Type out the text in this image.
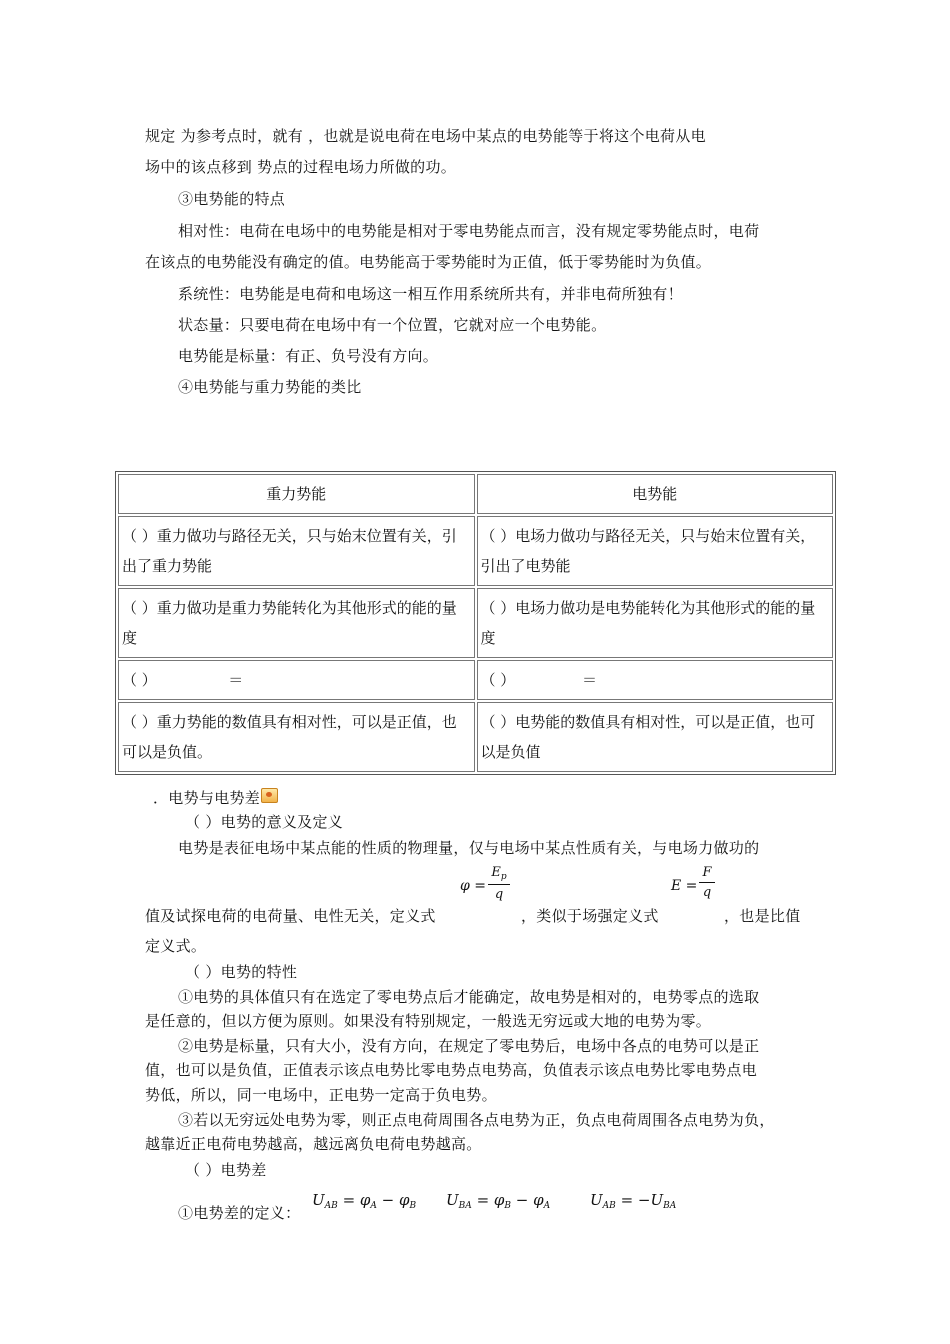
规定 为参考点时，就有 ，也就是说电荷在电场中某点的电势能等于将这个电荷从电
场中的该点移到 势点的过程电场力所做的功。
③电势能的特点
相对性：电荷在电场中的电势能是相对于零电势能点而言，没有规定零势能点时，电荷
在该点的电势能没有确定的值。电势能高于零势能时为正值，低于零势能时为负值。
系统性：电势能是电荷和电场这一相互作用系统所共有，并非电荷所独有！
状态量：只要电荷在电场中有一个位置，它就对应一个电势能。
电势能是标量：有正、负号没有方向。
④电势能与重力势能的类比
重力势能	电势能
（ ）重力做功与路径无关，只与始末位置有关，引出了重力势能	（ ）电场力做功与路径无关，只与始末位置有关，引出了电势能
（ ）重力做功是重力势能转化为其他形式的能的量度	（ ）电场力做功是电势能转化为其他形式的能的量度
（ ）               ＝	（ ）              ＝
（ ）重力势能的数值具有相对性，可以是正值，也可以是负值。	（ ）电势能的数值具有相对性，可以是正值，也可以是负值
．电势与电势差
（ ）电势的意义及定义
电势是表征电场中某点能的性质的物理量，仅与电场中某点性质有关，与电场力做功的
φ =
$E_p$
q
E =
F
q
值及试探电荷的电荷量、电性无关，定义式	，类似于场强定义式	，也是比值
定义式。
（ ）电势的特性
①电势的具体值只有在选定了零电势点后才能确定，故电势是相对的，电势零点的选取
是任意的，但以方便为原则。如果没有特别规定，一般选无穷远或大地的电势为零。
②电势是标量，只有大小，没有方向，在规定了零电势后，电场中各点的电势可以是正
值，也可以是负值，正值表示该点电势比零电势点电势高，负值表示该点电势比零电势点电
势低，所以，同一电场中，正电势一定高于负电势。
③若以无穷远处电势为零，则正点电荷周围各点电势为正，负点电荷周围各点电势为负，
越靠近正电荷电势越高，越远离负电荷电势越高。
（ ）电势差
①电势差的定义：
$U_{AB} = \varphi_A - \varphi_B$ $U_{BA} = \varphi_B - \varphi_A$	$U_{AB} = -U_{BA}$
